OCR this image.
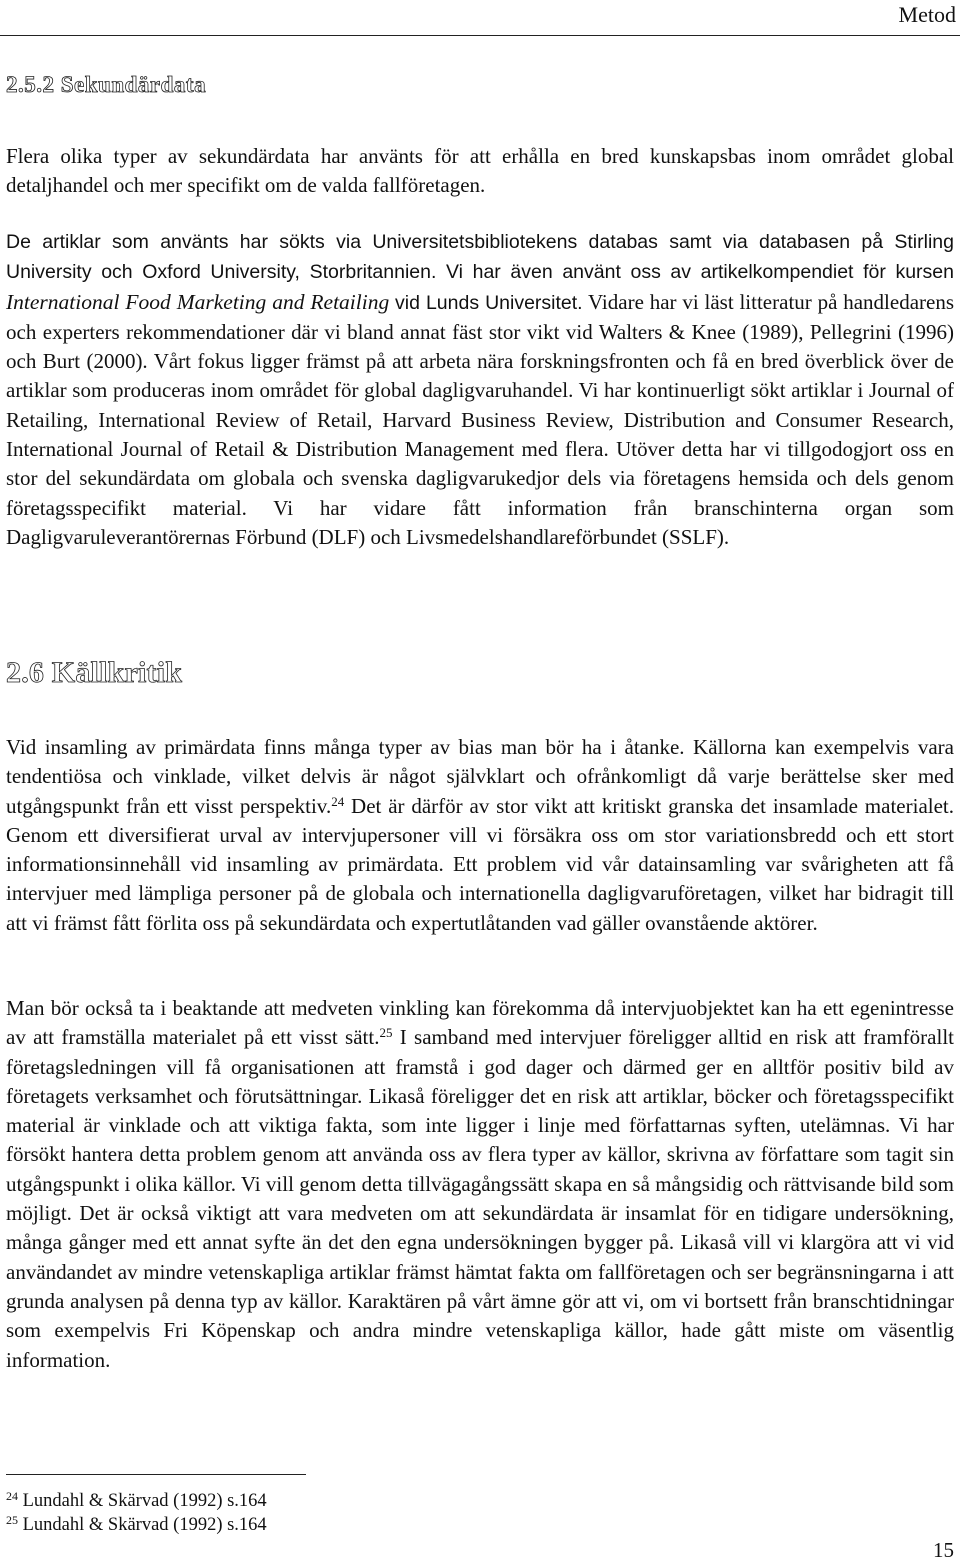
Metod
2.5.2 Sekundärdata

Flera olika typer av sekundärdata har använts för att erhålla en bred kunskapsbas inom området global detaljhandel och mer specifikt om de valda fallföretagen.

De artiklar som använts har sökts via Universitetsbibliotekens databas samt via databasen på Stirling University och Oxford University, Storbritannien. Vi har även använt oss av artikelkompendiet för kursen International Food Marketing and Retailing vid Lunds Universitet. Vidare har vi läst litteratur på handledarens och experters rekommendationer där vi bland annat fäst stor vikt vid Walters & Knee (1989), Pellegrini (1996) och Burt (2000). Vårt fokus ligger främst på att arbeta nära forskningsfronten och få en bred överblick över de artiklar som produceras inom området för global dagligvaruhandel. Vi har kontinuerligt sökt artiklar i Journal of Retailing, International Review of Retail, Harvard Business Review, Distribution and Consumer Research, International Journal of Retail & Distribution Management med flera. Utöver detta har vi tillgodogjort oss en stor del sekundärdata om globala och svenska dagligvarukedjor dels via företagens hemsida och dels genom företagsspecifikt material. Vi har vidare fått information från branschinterna organ som Dagligvaruleverantörernas Förbund (DLF) och Livsmedelshandlareförbundet (SSLF).

2.6 Källkritik

Vid insamling av primärdata finns många typer av bias man bör ha i åtanke. Källorna kan exempelvis vara tendentiösa och vinklade, vilket delvis är något självklart och ofrånkomligt då varje berättelse sker med utgångspunkt från ett visst perspektiv.$^{24}$ Det är därför av stor vikt att kritiskt granska det insamlade materialet. Genom ett diversifierat urval av intervjupersoner vill vi försäkra oss om stor variationsbredd och ett stort informationsinnehåll vid insamling av primärdata. Ett problem vid vår datainsamling var svårigheten att få intervjuer med lämpliga personer på de globala och internationella dagligvaruföretagen, vilket har bidragit till att vi främst fått förlita oss på sekundärdata och expertutlåtanden vad gäller ovanstående aktörer.

Man bör också ta i beaktande att medveten vinkling kan förekomma då intervjuobjektet kan ha ett egenintresse av att framställa materialet på ett visst sätt.$^{25}$ I samband med intervjuer föreligger alltid en risk att framförallt företagsledningen vill få organisationen att framstå i god dager och därmed ger en alltför positiv bild av företagets verksamhet och förutsättningar. Likaså föreligger det en risk att artiklar, böcker och företagsspecifikt material är vinklade och att viktiga fakta, som inte ligger i linje med författarnas syften, utelämnas. Vi har försökt hantera detta problem genom att använda oss av flera typer av källor, skrivna av författare som tagit sin utgångspunkt i olika källor. Vi vill genom detta tillvägagångssätt skapa en så mångsidig och rättvisande bild som möjligt. Det är också viktigt att vara medveten om att sekundärdata är insamlat för en tidigare undersökning, många gånger med ett annat syfte än det den egna undersökningen bygger på. Likaså vill vi klargöra att vi vid användandet av mindre vetenskapliga artiklar främst hämtat fakta om fallföretagen och ser begränsningarna i att grunda analysen på denna typ av källor. Karaktären på vårt ämne gör att vi, om vi bortsett från branschtidningar som exempelvis Fri Köpenskap och andra mindre vetenskapliga källor, hade gått miste om väsentlig information.

$^{24}$ Lundahl & Skärvad (1992) s.164
$^{25}$ Lundahl & Skärvad (1992) s.164
15
